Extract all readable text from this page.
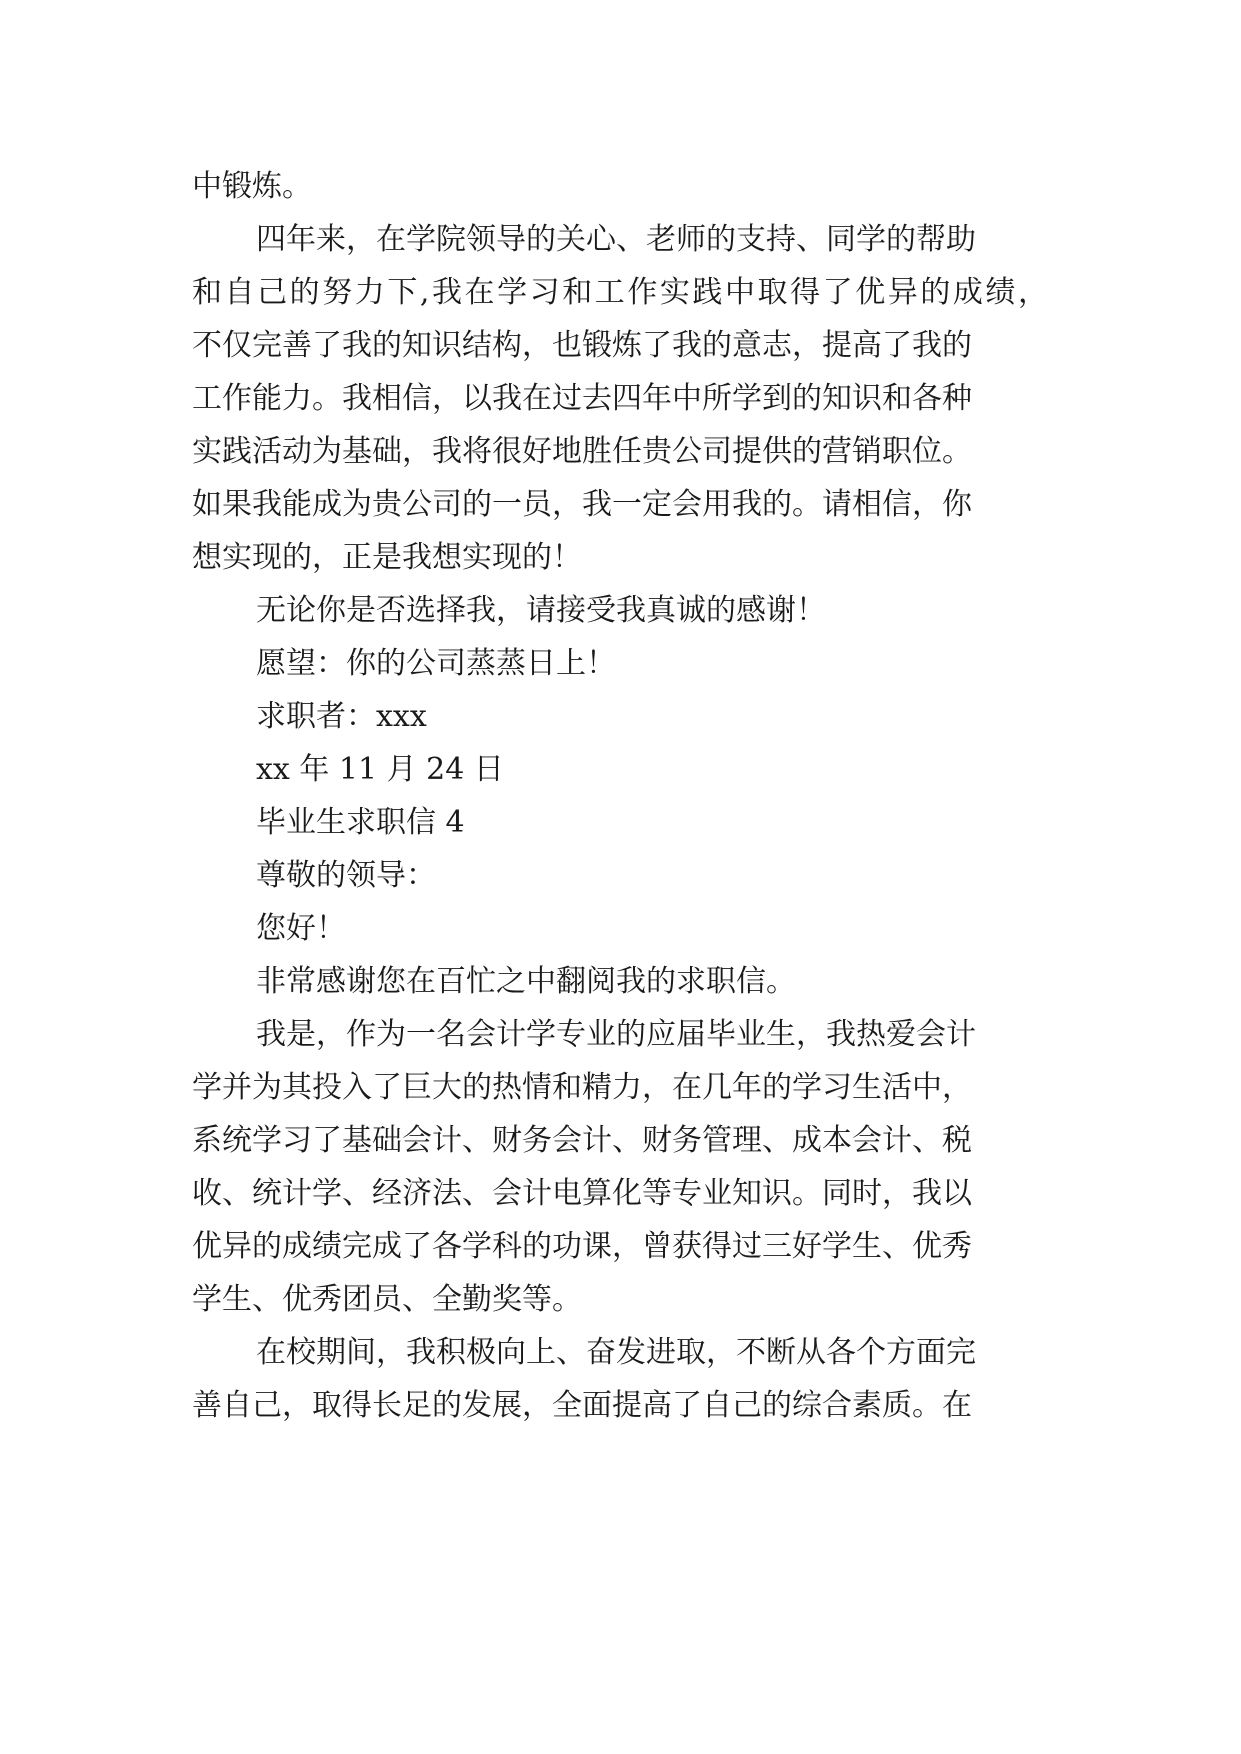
中锻炼。
四年来，在学院领导的关心、老师的支持、同学的帮助
和自己的努力下,我在学习和工作实践中取得了优异的成绩，
不仅完善了我的知识结构，也锻炼了我的意志，提高了我的
工作能力。我相信，以我在过去四年中所学到的知识和各种
实践活动为基础，我将很好地胜任贵公司提供的营销职位。
如果我能成为贵公司的一员，我一定会用我的。请相信，你
想实现的，正是我想实现的！
无论你是否选择我，请接受我真诚的感谢！
愿望：你的公司蒸蒸日上！
求职者：xxx
xx 年 11 月 24 日
毕业生求职信 4
尊敬的领导：
您好！
非常感谢您在百忙之中翻阅我的求职信。
我是，作为一名会计学专业的应届毕业生，我热爱会计
学并为其投入了巨大的热情和精力，在几年的学习生活中，
系统学习了基础会计、财务会计、财务管理、成本会计、税
收、统计学、经济法、会计电算化等专业知识。同时，我以
优异的成绩完成了各学科的功课，曾获得过三好学生、优秀
学生、优秀团员、全勤奖等。
在校期间，我积极向上、奋发进取，不断从各个方面完
善自己，取得长足的发展，全面提高了自己的综合素质。在
